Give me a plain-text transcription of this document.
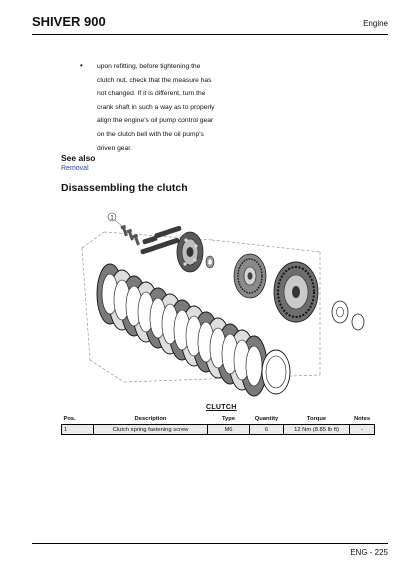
SHIVER 900	Engine
• upon refitting, before tightening the
clutch nut, check that the measure has
not changed. If it is different, turn the
crank shaft in such a way as to properly
align the engine's oil pump control gear
on the clutch bell with the oil pump's
driven gear.
See also
Removal
Disassembling the clutch
1
CLUTCH
Pos.	Description	Type	Quantity	Torque	Notes
1	Clutch spring fastening screw	M6	6	12 Nm (8.85 lb ft)	-
ENG - 225
